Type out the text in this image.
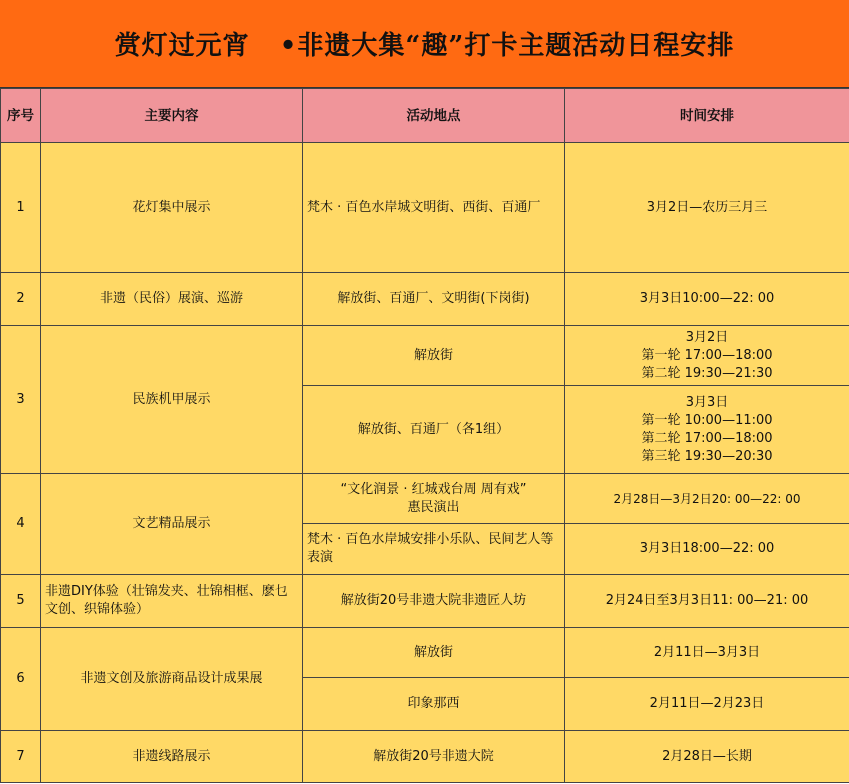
赏灯过元宵   •非遗大集“趣”打卡主题活动日程安排
序号	主要内容	活动地点	时间安排
1	花灯集中展示	梵木 · 百色水岸城文明街、西街、百通厂	3月2日—农历三月三
2	非遗（民俗）展演、巡游	解放街、百通厂、文明街(下岗街)	3月3日10:00—22: 00
3	民族机甲展示	解放街	3月2日
第一轮 17:00—18:00
第二轮 19:30—21:30
		解放街、百通厂（各1组）	3月3日
第一轮 10:00—11:00
第二轮 17:00—18:00
第三轮 19:30—20:30
4	文艺精品展示	“文化润景 · 红城戏台周 周有戏”
惠民演出	2月28日—3月2日20: 00—22: 00
		梵木 · 百色水岸城安排小乐队、民间艺人等表演	3月3日18:00—22: 00
5	非遗DIY体验（壮锦发夹、壮锦相框、麽乜文创、织锦体验）	解放街20号非遗大院非遗匠人坊	2月24日至3月3日11: 00—21: 00
6	非遗文创及旅游商品设计成果展	解放街	2月11日—3月3日
		印象那西	2月11日—2月23日
7	非遗线路展示	解放街20号非遗大院	2月28日—长期
